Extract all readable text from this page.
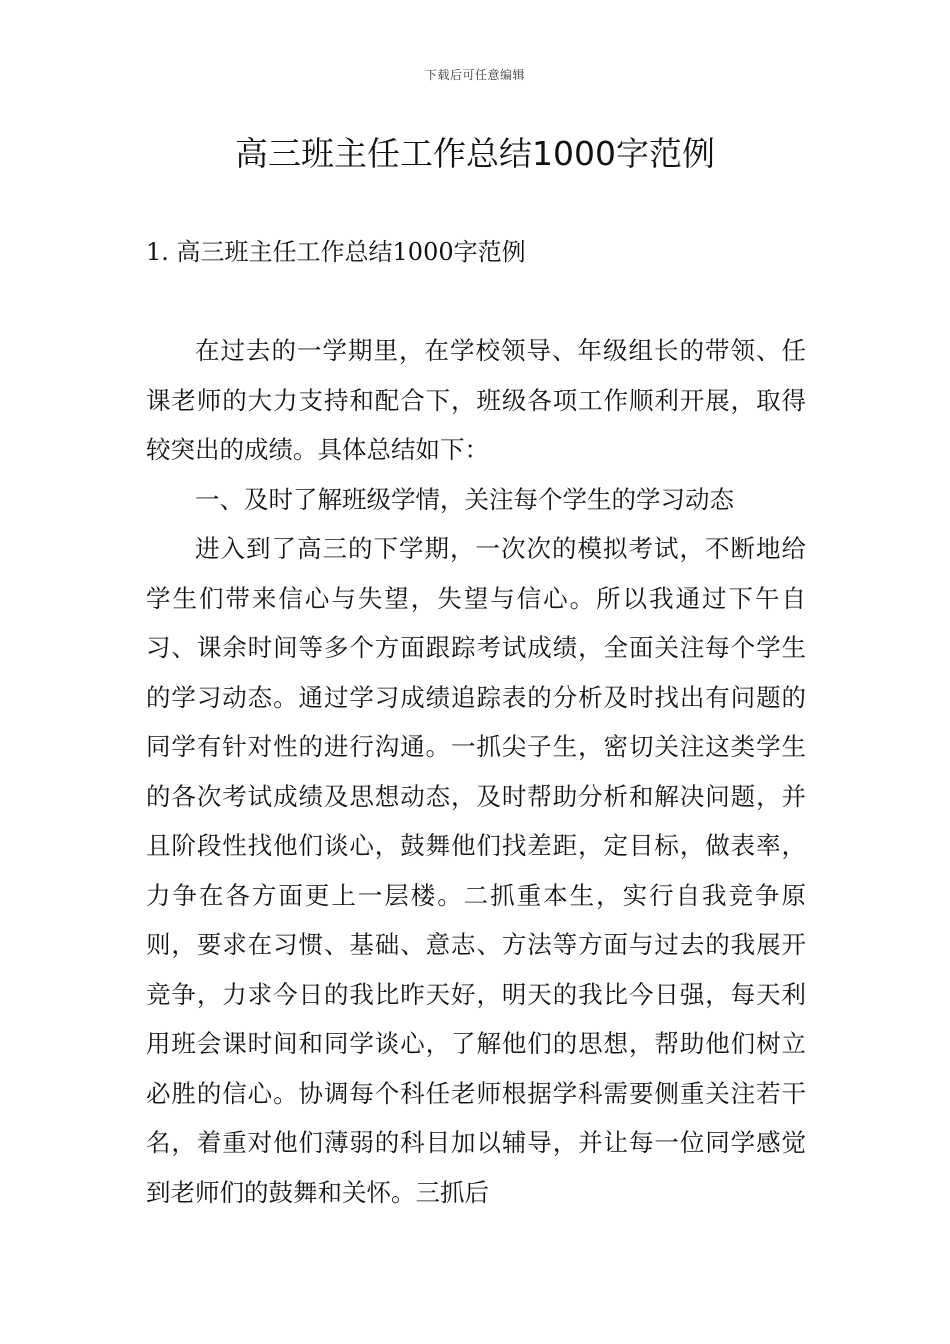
下载后可任意编辑
高三班主任工作总结1000字范例
1. 高三班主任工作总结1000字范例

在过去的一学期里，在学校领导、年级组长的带领、任课老师的大力支持和配合下，班级各项工作顺利开展，取得较突出的成绩。具体总结如下：

一、及时了解班级学情，关注每个学生的学习动态

进入到了高三的下学期，一次次的模拟考试，不断地给学生们带来信心与失望，失望与信心。所以我通过下午自习、课余时间等多个方面跟踪考试成绩，全面关注每个学生的学习动态。通过学习成绩追踪表的分析及时找出有问题的同学有针对性的进行沟通。一抓尖子生，密切关注这类学生的各次考试成绩及思想动态，及时帮助分析和解决问题，并且阶段性找他们谈心，鼓舞他们找差距，定目标，做表率，力争在各方面更上一层楼。二抓重本生，实行自我竞争原则，要求在习惯、基础、意志、方法等方面与过去的我展开竞争，力求今日的我比昨天好，明天的我比今日强，每天利用班会课时间和同学谈心，了解他们的思想，帮助他们树立必胜的信心。协调每个科任老师根据学科需要侧重关注若干名，着重对他们薄弱的科目加以辅导，并让每一位同学感觉到老师们的鼓舞和关怀。三抓后
